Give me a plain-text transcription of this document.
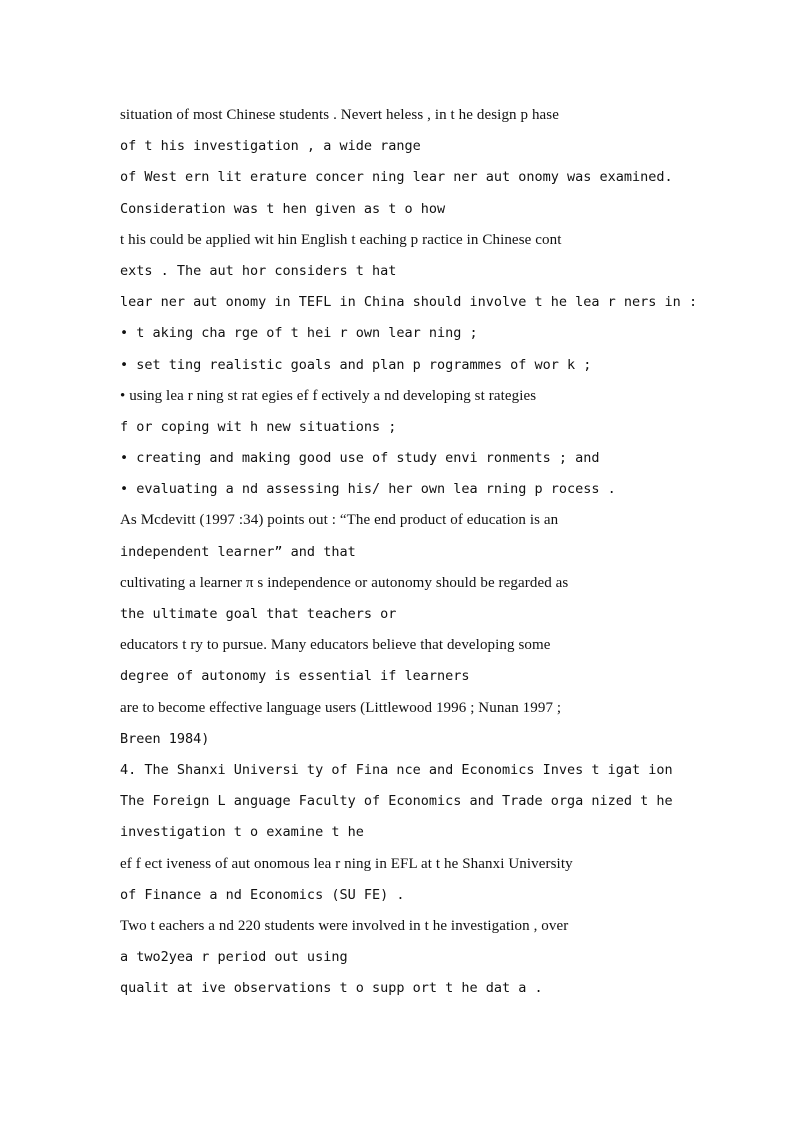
situation of most Chinese students . Nevert heless , in t he design p hase
of t his investigation , a wide range
of West ern lit erature concer ning lear ner aut onomy was examined.
Consideration was t hen given as t o how
t his could be applied wit hin English t eaching p ractice in Chinese cont
exts . The aut hor considers t hat
lear ner aut onomy in TEFL in China should involve t he lea r ners in :
• t aking cha rge of t hei r own lear ning ;
• set ting realistic goals and plan p rogrammes of wor k ;
• using lea r ning st rat egies ef f ectively a nd developing st rategies
f or coping wit h new situations ;
• creating and making good use of study envi ronments ; and
• evaluating a nd assessing his/ her own lea rning p rocess .
As Mcdevitt (1997 :34) points out : “The end product of education is an
independent learner” and that
cultivating a learner π s independence or autonomy should be regarded as
the ultimate goal that teachers or
educators t ry to pursue. Many educators believe that developing some
degree of autonomy is essential if learners
are to become effective language users (Littlewood 1996 ; Nunan 1997 ;
Breen 1984)
4. The Shanxi Universi ty of Fina nce and Economics Inves t igat ion
The Foreign L anguage Faculty of Economics and Trade orga nized t he
investigation t o examine t he
ef f ect iveness of aut onomous lea r ning in EFL at t he Shanxi University
of Finance a nd Economics (SU FE) .
Two t eachers a nd 220 students were involved in t he investigation , over
a two2yea r period out using
qualit at ive observations t o supp ort t he dat a .
